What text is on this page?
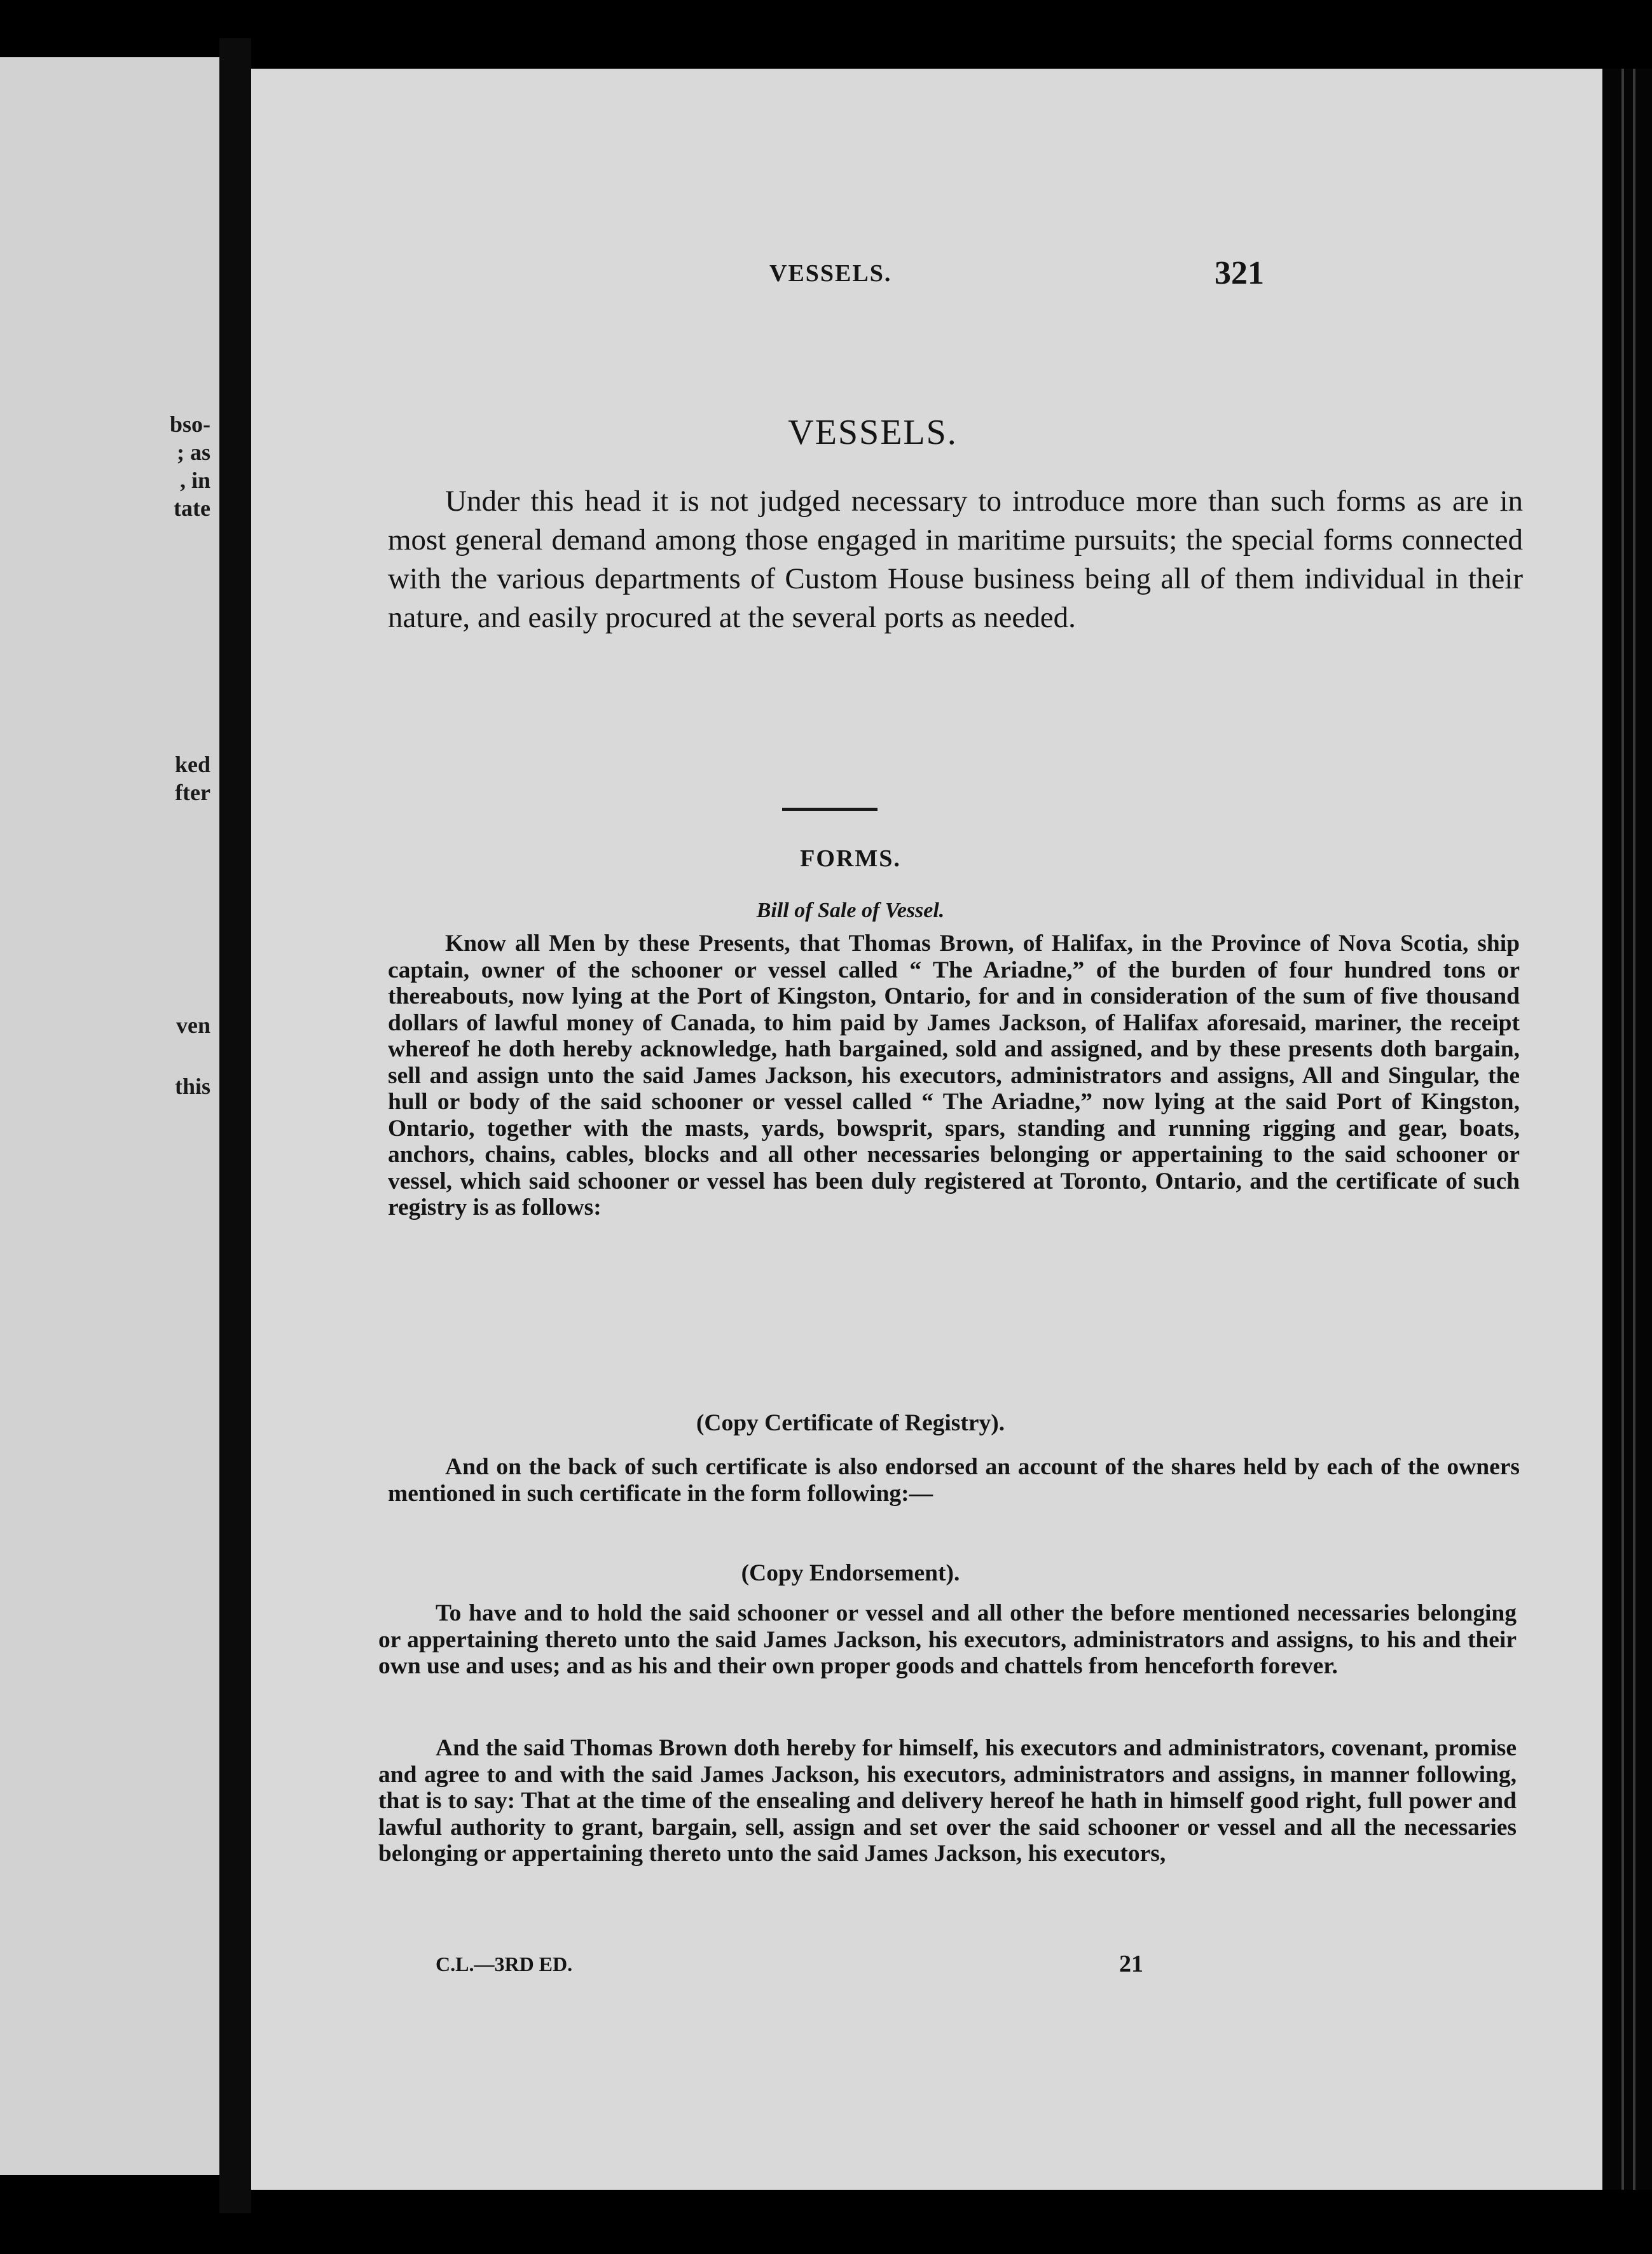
bso-
; as
, in
tate
ked
fter
ven
this
VESSELS.	321
VESSELS.

Under this head it is not judged necessary to introduce more than such forms as are in most general demand among those engaged in maritime pursuits; the special forms connected with the various departments of Custom House business being all of them individual in their nature, and easily procured at the several ports as needed.

FORMS.
Bill of Sale of Vessel.

Know all Men by these Presents, that Thomas Brown, of Halifax, in the Province of Nova Scotia, ship captain, owner of the schooner or vessel called “ The Ariadne,” of the burden of four hundred tons or thereabouts, now lying at the Port of Kingston, Ontario, for and in consideration of the sum of five thousand dollars of lawful money of Canada, to him paid by James Jackson, of Halifax aforesaid, mariner, the receipt whereof he doth hereby acknowledge, hath bargained, sold and assigned, and by these presents doth bargain, sell and assign unto the said James Jackson, his executors, administrators and assigns, All and Singular, the hull or body of the said schooner or vessel called “ The Ariadne,” now lying at the said Port of Kingston, Ontario, together with the masts, yards, bowsprit, spars, standing and running rigging and gear, boats, anchors, chains, cables, blocks and all other necessaries belonging or appertaining to the said schooner or vessel, which said schooner or vessel has been duly registered at Toronto, Ontario, and the certificate of such registry is as follows:

(Copy Certificate of Registry).

And on the back of such certificate is also endorsed an account of the shares held by each of the owners mentioned in such certificate in the form following:—

(Copy Endorsement).

To have and to hold the said schooner or vessel and all other the before mentioned necessaries belonging or appertaining thereto unto the said James Jackson, his executors, administrators and assigns, to his and their own use and uses; and as his and their own proper goods and chattels from henceforth forever.

And the said Thomas Brown doth hereby for himself, his executors and administrators, covenant, promise and agree to and with the said James Jackson, his executors, administrators and assigns, in manner following, that is to say: That at the time of the ensealing and delivery hereof he hath in himself good right, full power and lawful authority to grant, bargain, sell, assign and set over the said schooner or vessel and all the necessaries belonging or appertaining thereto unto the said James Jackson, his executors,

C.L.—3RD ED.	21
